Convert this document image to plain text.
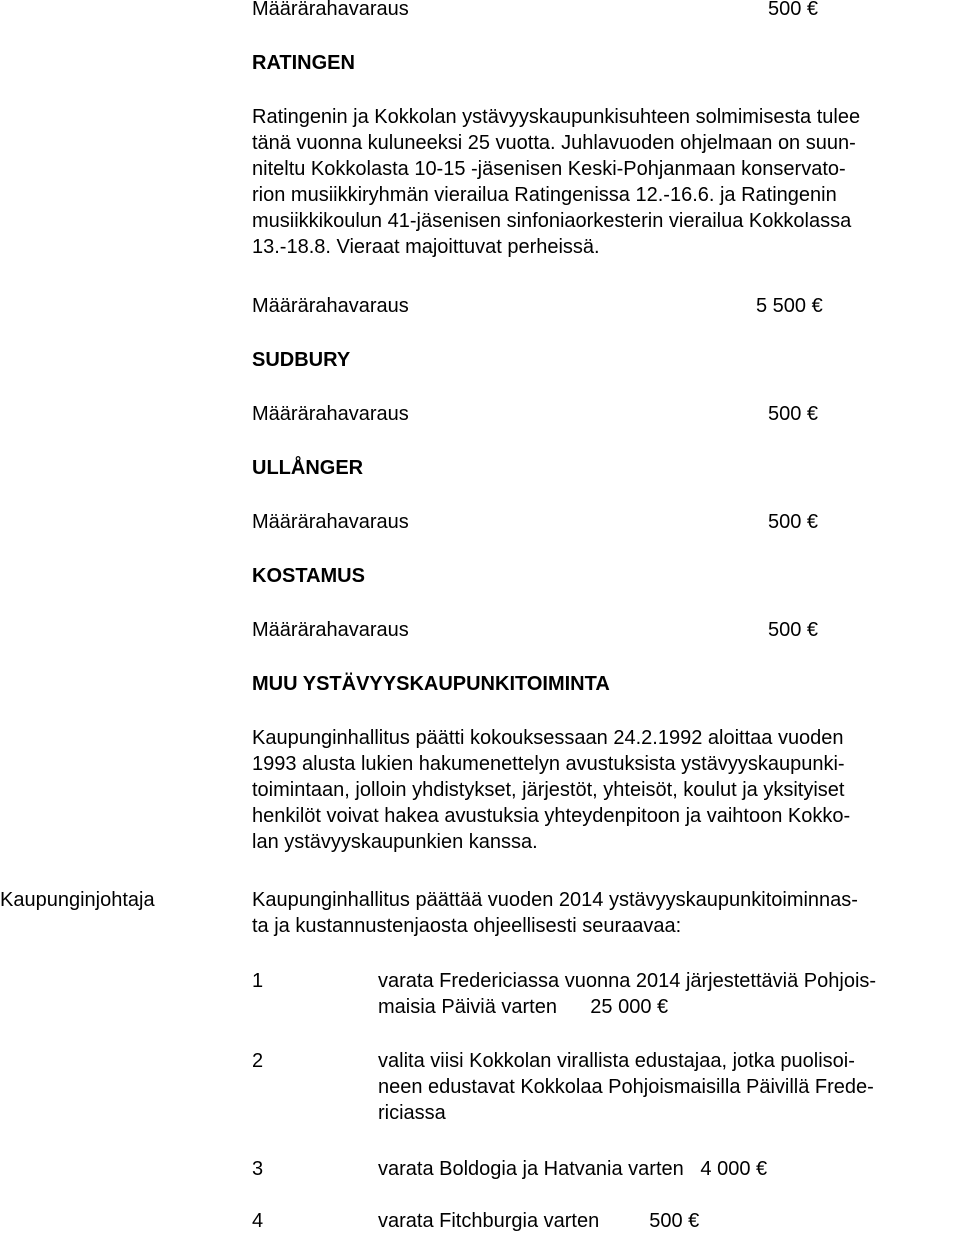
Määrärahavaraus	500 €
RATINGEN
Ratingenin ja Kokkolan ystävyyskaupunkisuhteen solmimisesta tulee
tänä vuonna kuluneeksi 25 vuotta. Juhlavuoden ohjelmaan on suun-
niteltu Kokkolasta 10-15 -jäsenisen Keski-Pohjanmaan konservato-
rion musiikkiryhmän vierailua Ratingenissa 12.-16.6. ja Ratingenin
musiikkikoulun 41-jäsenisen sinfoniaorkesterin vierailua Kokkolassa
13.-18.8. Vieraat majoittuvat perheissä.
Määrärahavaraus	5 500 €
SUDBURY
Määrärahavaraus	500 €
ULLÅNGER
Määrärahavaraus	500 €
KOSTAMUS
Määrärahavaraus	500 €
MUU YSTÄVYYSKAUPUNKITOIMINTA
Kaupunginhallitus päätti kokouksessaan 24.2.1992 aloittaa vuoden
1993 alusta lukien hakumenettelyn avustuksista ystävyyskaupunki-
toimintaan, jolloin yhdistykset, järjestöt, yhteisöt, koulut ja yksityiset
henkilöt voivat hakea avustuksia yhteydenpitoon ja vaihtoon Kokko-
lan ystävyyskaupunkien kanssa.
Kaupunginjohtaja	Kaupunginhallitus päättää vuoden 2014 ystävyyskaupunkitoiminnas-
ta ja kustannustenjaosta ohjeellisesti seuraavaa:
1	varata Fredericiassa vuonna 2014 järjestettäviä Pohjois-
maisia Päiviä varten      25 000 €
2	valita viisi Kokkolan virallista edustajaa, jotka puolisoi-
neen edustavat Kokkolaa Pohjoismaisilla Päivillä Frede-
riciassa
3	varata Boldogia ja Hatvania varten   4 000 €
4	varata Fitchburgia varten         500 €
